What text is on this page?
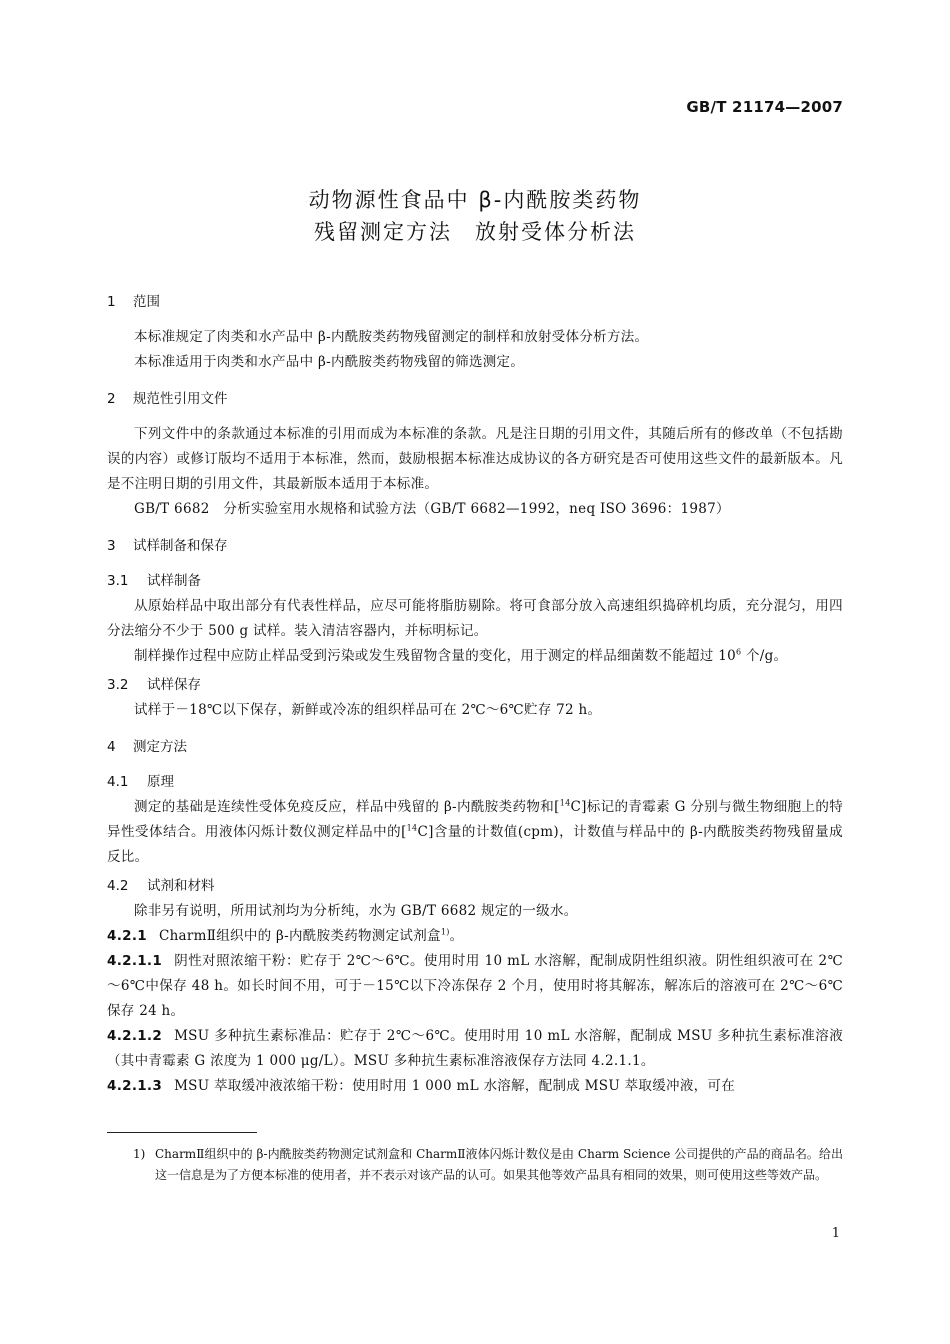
GB/T 21174—2007
动物源性食品中 β-内酰胺类药物
残留测定方法　放射受体分析法
1 范围

本标准规定了肉类和水产品中 β-内酰胺类药物残留测定的制样和放射受体分析方法。

本标准适用于肉类和水产品中 β-内酰胺类药物残留的筛选测定。

2 规范性引用文件

下列文件中的条款通过本标准的引用而成为本标准的条款。凡是注日期的引用文件，其随后所有的修改单（不包括勘误的内容）或修订版均不适用于本标准，然而，鼓励根据本标准达成协议的各方研究是否可使用这些文件的最新版本。凡是不注明日期的引用文件，其最新版本适用于本标准。

GB/T 6682　分析实验室用水规格和试验方法（GB/T 6682—1992，neq ISO 3696：1987）

3 试样制备和保存
3.1 试样制备

从原始样品中取出部分有代表性样品，应尽可能将脂肪剔除。将可食部分放入高速组织捣碎机均质，充分混匀，用四分法缩分不少于 500 g 试样。装入清洁容器内，并标明标记。

制样操作过程中应防止样品受到污染或发生残留物含量的变化，用于测定的样品细菌数不能超过 $10^6$ 个/g。

3.2 试样保存

试样于－18℃以下保存，新鲜或冷冻的组织样品可在 2℃～6℃贮存 72 h。

4 测定方法
4.1 原理

测定的基础是连续性受体免疫反应，样品中残留的 β-内酰胺类药物和[$^{14}$C]标记的青霉素 G 分别与微生物细胞上的特异性受体结合。用液体闪烁计数仪测定样品中的[$^{14}$C]含量的计数值(cpm)，计数值与样品中的 β-内酰胺类药物残留量成反比。

4.2 试剂和材料

除非另有说明，所用试剂均为分析纯，水为 GB/T 6682 规定的一级水。

4.2.1 CharmⅡ组织中的 β-内酰胺类药物测定试剂盒$^{1)}$。

4.2.1.1 阴性对照浓缩干粉：贮存于 2℃～6℃。使用时用 10 mL 水溶解，配制成阴性组织液。阴性组织液可在 2℃～6℃中保存 48 h。如长时间不用，可于－15℃以下冷冻保存 2 个月，使用时将其解冻，解冻后的溶液可在 2℃～6℃保存 24 h。

4.2.1.2 MSU 多种抗生素标准品：贮存于 2℃～6℃。使用时用 10 mL 水溶解，配制成 MSU 多种抗生素标准溶液（其中青霉素 G 浓度为 1 000 μg/L）。MSU 多种抗生素标准溶液保存方法同 4.2.1.1。

4.2.1.3 MSU 萃取缓冲液浓缩干粉：使用时用 1 000 mL 水溶解，配制成 MSU 萃取缓冲液，可在

1) CharmⅡ组织中的 β-内酰胺类药物测定试剂盒和 CharmⅡ液体闪烁计数仪是由 Charm Science 公司提供的产品的商品名。给出这一信息是为了方便本标准的使用者，并不表示对该产品的认可。如果其他等效产品具有相同的效果，则可使用这些等效产品。
1
